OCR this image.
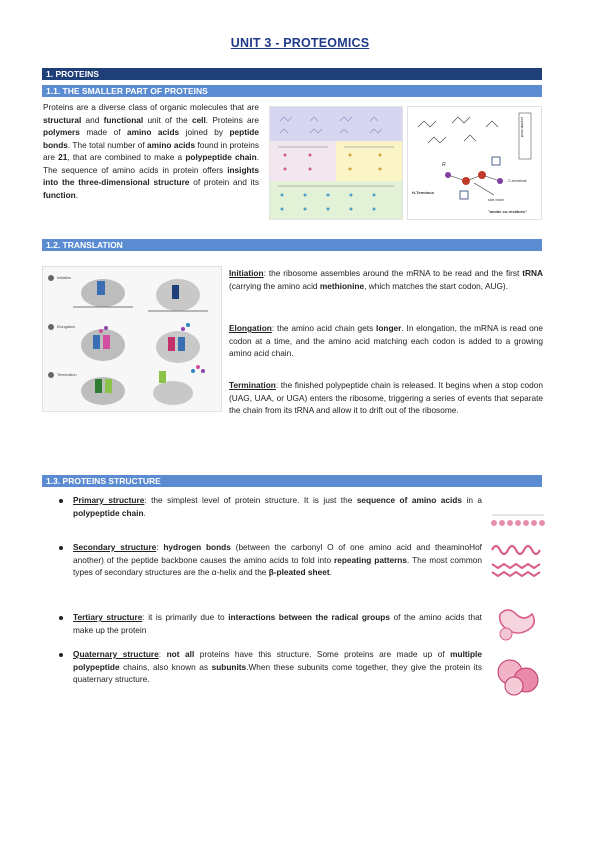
UNIT 3 - PROTEOMICS
1. PROTEINS
1.1. THE SMALLER PART OF PROTEINS
Proteins are a diverse class of organic molecules that are structural and functional unit of the cell. Proteins are polymers made of amino acids joined by peptide bonds. The total number of amino acids found in proteins are 21, that are combined to make a polypeptide chain. The sequence of amino acids in protein offers insights into the three-dimensional structure of protein and its function.	H-Terminus
C-terminal
side chain
R
"amide co-residues"
peptide bond
1.2. TRANSLATION
Initiation
Elongation
Termination
Initiation: the ribosome assembles around the mRNA to be read and the first tRNA (carrying the amino acid methionine, which matches the start codon, AUG).
Elongation: the amino acid chain gets longer. In elongation, the mRNA is read one codon at a time, and the amino acid matching each codon is added to a growing amino acid chain.
Termination: the finished polypeptide chain is released. It begins when a stop codon (UAG, UAA, or UGA) enters the ribosome, triggering a series of events that separate the chain from its tRNA and allow it to drift out of the ribosome.
1.3. PROTEINS STRUCTURE
Primary structure: the simplest level of protein structure. It is just the sequence of amino acids in a polypeptide chain.
Secondary structure: hydrogen bonds (between the carbonyl O of one amino acid and theaminoHof another) of the peptide backbone causes the amino acids to fold into repeating patterns. The most common types of secondary structures are the α-helix and the β-pleated sheet.
Tertiary structure: it is primarily due to interactions between the radical groups of the amino acids that make up the protein
Quaternary structure: not all proteins have this structure. Some proteins are made up of multiple polypeptide chains, also known as subunits.When these subunits come together, they give the protein its quaternary structure.
